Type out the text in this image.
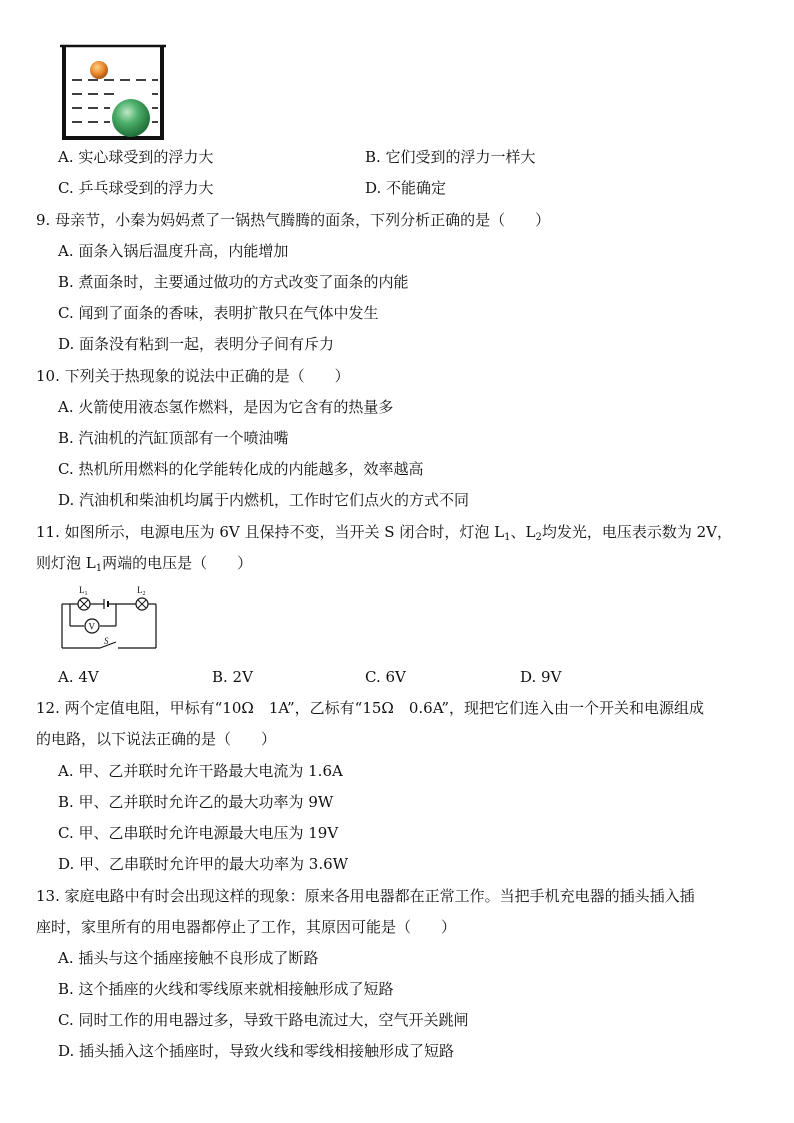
A. 实心球受到的浮力大	B. 它们受到的浮力一样大
C. 乒乓球受到的浮力大	D. 不能确定
9. 母亲节，小秦为妈妈煮了一锅热气腾腾的面条，下列分析正确的是（　　）
A. 面条入锅后温度升高，内能增加
B. 煮面条时，主要通过做功的方式改变了面条的内能
C. 闻到了面条的香味，表明扩散只在气体中发生
D. 面条没有粘到一起，表明分子间有斥力
10. 下列关于热现象的说法中正确的是（　　）
A. 火箭使用液态氢作燃料，是因为它含有的热量多
B. 汽油机的汽缸顶部有一个喷油嘴
C. 热机所用燃料的化学能转化成的内能越多，效率越高
D. 汽油机和柴油机均属于内燃机，工作时它们点火的方式不同
11. 如图所示，电源电压为 6V 且保持不变，当开关 S 闭合时，灯泡 $L_1$、$L_2$均发光，电压表示数为 2V，
则灯泡 $L_1$两端的电压是（　　）
$L_1$	$L_2$
V
S
A. 4V	B. 2V	C. 6V	D. 9V
12. 两个定值电阻，甲标有“10Ω　1A”，乙标有“15Ω　0.6A”，现把它们连入由一个开关和电源组成
的电路，以下说法正确的是（　　）
A. 甲、乙并联时允许干路最大电流为 1.6A
B. 甲、乙并联时允许乙的最大功率为 9W
C. 甲、乙串联时允许电源最大电压为 19V
D. 甲、乙串联时允许甲的最大功率为 3.6W
13. 家庭电路中有时会出现这样的现象：原来各用电器都在正常工作。当把手机充电器的插头插入插
座时，家里所有的用电器都停止了工作，其原因可能是（　　）
A. 插头与这个插座接触不良形成了断路
B. 这个插座的火线和零线原来就相接触形成了短路
C. 同时工作的用电器过多，导致干路电流过大，空气开关跳闸
D. 插头插入这个插座时，导致火线和零线相接触形成了短路
